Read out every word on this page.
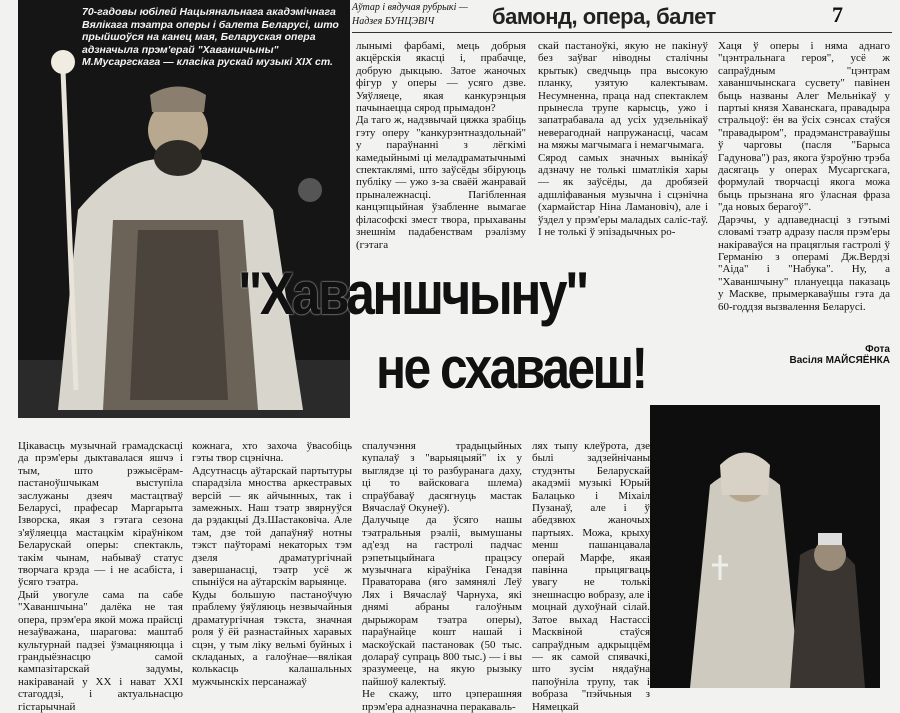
Аўтар і вядучая рубрыкі —
Надзея БУНЦЭВІЧ	бамонд, опера, балет	7
70-гадовы юбілей Нацыянальнага акадэмічнага Вялікага тэатра оперы і балета Беларусі, што прыйшоўся на канец мая, Беларуская опера адзначыла прэм'ерай "Хаваншчыны" М.Мусаргскага — класіка рускай музыкі XIX ст.
"Хаваншчыну"
не схаваеш!
лынымі фарбамі, мець добрыя акцёрскія якасці і, прабачце, добрую дыкцыю. Затое жаночых фігур у оперы — усяго дзве. Уяўляеце, якая канкурэнцыя пачынаецца сярод прымадон?
Да таго ж, надзвычай цяжка зрабіць гэту оперу "канкурэнтназдольнай" у параўнанні з лёгкімі камедыйнымі ці меладраматычнымі спектаклямі, што заўсёды збіруюць публіку — ужо з-за сваёй жанравай прыналежнасці. Пагібленная канцэпцыйная ўзабленне вымагае філасофскі змест твора, прыхаваны знешнім падабенствам рэалізму (гэтага
скай пастаноўкі, якую не пакінуў без заўваг ніводны сталічны крытык) сведчыць пра высокую планку, узятую калектывам. Несумненна, праца над спектаклем прынесла трупе карысць, ужо і запатрабавала ад усіх удзельнікаў неверагоднай напружанасці, часам на мяжы магчымага і немагчымага.
Сярод самых значных выніка́ў адзначу не толькі шматлікія хары — як заўсёды, да дробязей адшліфаваныя музычна і сцэнічна (хармайстар Ніна Ламановіч), але і ўздел у прэм'еры маладых саліс-тaў. І не толькі ў эпізадычных ро-
Хаця ў оперы і няма аднаго "цэнтральнага героя", усё ж сапраўдным "цэнтрам хаваншчынскага сусвету" павінен быць названы Алег Мельнікаў у партыі князя Хаванскага, правадыра стральцоў: ён ва ўсіх сэнсах стаўся "правадыром", прадэманстраваўшы ў чарговы (пасля "Барыса Гадунова") раз, якога ўзроўню трэба дасягаць у операх Мусаргскага, формулай творчасці якога можа быць прызнана яго ўласная фраза "да новых берагоў".
Дарэчы, у адпаведнасці з гэтымі словамі тэатр адразу пасля прэм'еры накіраваўся на працяглыя гастролі ў Германію з операмі Дж.Вердзі "Аіда" і "Набука". Ну, а "Хаваншчыну" плануецца паказаць у Маскве, прымеркаваўшы гэта да 60-годдзя вызвалення Беларусі.
Фота
Васіля МАЙСЯЁНКА
Цікавасць музычнай грамадскасці да прэм'еры дыктавалася яшчэ і тым, што рэжысёрам-пастаноўшчыкам выступіла заслужаны дзеяч мастацтваў Беларусі, прафесар Маргарыта Ізворска, якая з гэтага сезона з'яўляецца мастацкім кіраўніком Беларускай оперы: спектакль, такім чынам, набываў статус творчага крэда — і не асабіста, і ўсяго тэатра.
Дый увогуле сама па сабе "Хаваншчына" далёка не тая опера, прэм'ера якой можа прайсці незаўважана, шарагова: маштаб культурнай падзеі ўзмацняюцца і грандыёзнасцю самой кампазітарскай задумы, накіраванай у XX і нават XXI стагоддзі, і актуальнасцю гістарычнай
кожнага, хто захоча ўвасобіць гэты твор сцэнічна.
Адсутнасць аўтарскай партытуры спарадзіла мноства аркестравых версій — як айчынных, так і замежных. Наш тэатр звярнуўся да рэдакцыі Дз.Шастаковіча. Але там, дзе той дапаўняў нотны тэкст паўторамі некаторых тэм дзеля драматургічнай завершанасці, тэатр усё ж спыніўся на аўтарскім варыянце.
Куды большую пастаноўчую праблему ўяўляюць незвычайныя драматургічная тэкста, значная роля ў ёй разнастайных харавых сцэн, у тым ліку вельмі буйных і складаных, а галоўнае—вялікая колькасць калашальных мужчынскіх персанажаў
спалучэння традыцыйных купалаў з "варыяцыяй" іх у выглядзе ці то разбуранага даху, ці то вайсковага шлема) спраўбаваў дасягнуць мастак Вячаслаў Окунеў).
Далучыце да ўсяго нашы тэатральныя рэаліі, вымушаны ад'езд на гастролі падчас рэпетыцыйнага працэсу музычнага кіраўніка Генадзя Праваторава (яго замянялі Леў Лях і Вячаслаў Чарнуха, які днямі абраны галоўным дырыжорам тэатра оперы), параўнайце кошт нашай і маскоўскай пастановак (50 тыс. долараў супраць 800 тыс.) — і вы зразумееце, на якую рызыку пайшоў калектыў.
Не скажу, што цэперашняя прэм'ера адназначна перакаваль-
лях тыпу клеўрота, дзе былі задзейнічаны студэнты Беларускай акадэміі музыкі Юрый Балацько і Міхаіл Пузанаў, але і ў абедзвюх жаночых партыях. Можа, крыху менш пашанцавала операй Марфе, якая павінна прыцягваць увагу не толькі знешнасцю вобразу, але і моцнай духоўнай сілай. Затое выхад Настассі Масквіной стаўся сапраўдным адкрыццём — як самой спявачкі, што зусім нядаўна папоўніла трупу, так і вобраза "пэйчьныя з Нямецкай
